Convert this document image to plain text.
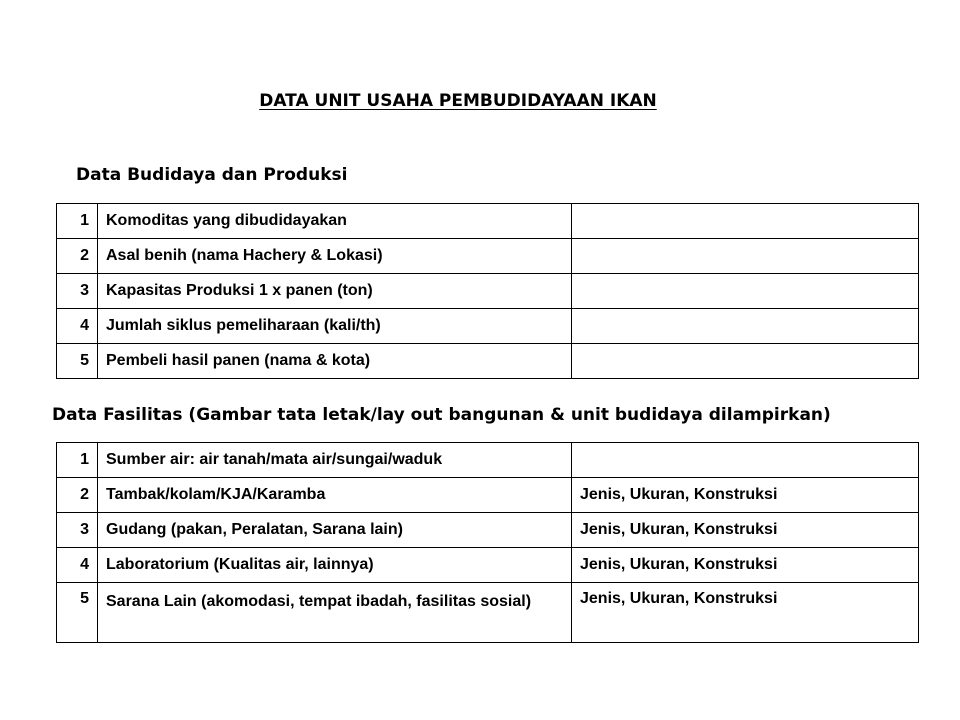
DATA UNIT USAHA PEMBUDIDAYAAN IKAN
Data Budidaya dan Produksi
1	Komoditas yang dibudidayakan	
2	Asal benih (nama Hachery & Lokasi)	
3	Kapasitas Produksi 1 x panen (ton)	
4	Jumlah siklus pemeliharaan (kali/th)	
5	Pembeli hasil panen (nama & kota)	
Data Fasilitas (Gambar tata letak/lay out bangunan & unit budidaya dilampirkan)
1	Sumber air: air tanah/mata air/sungai/waduk	
2	Tambak/kolam/KJA/Karamba	Jenis, Ukuran, Konstruksi
3	Gudang (pakan, Peralatan, Sarana lain)	Jenis, Ukuran, Konstruksi
4	Laboratorium (Kualitas air, lainnya)	Jenis, Ukuran, Konstruksi
5	Sarana Lain (akomodasi, tempat ibadah, fasilitas sosial)	Jenis, Ukuran, Konstruksi
